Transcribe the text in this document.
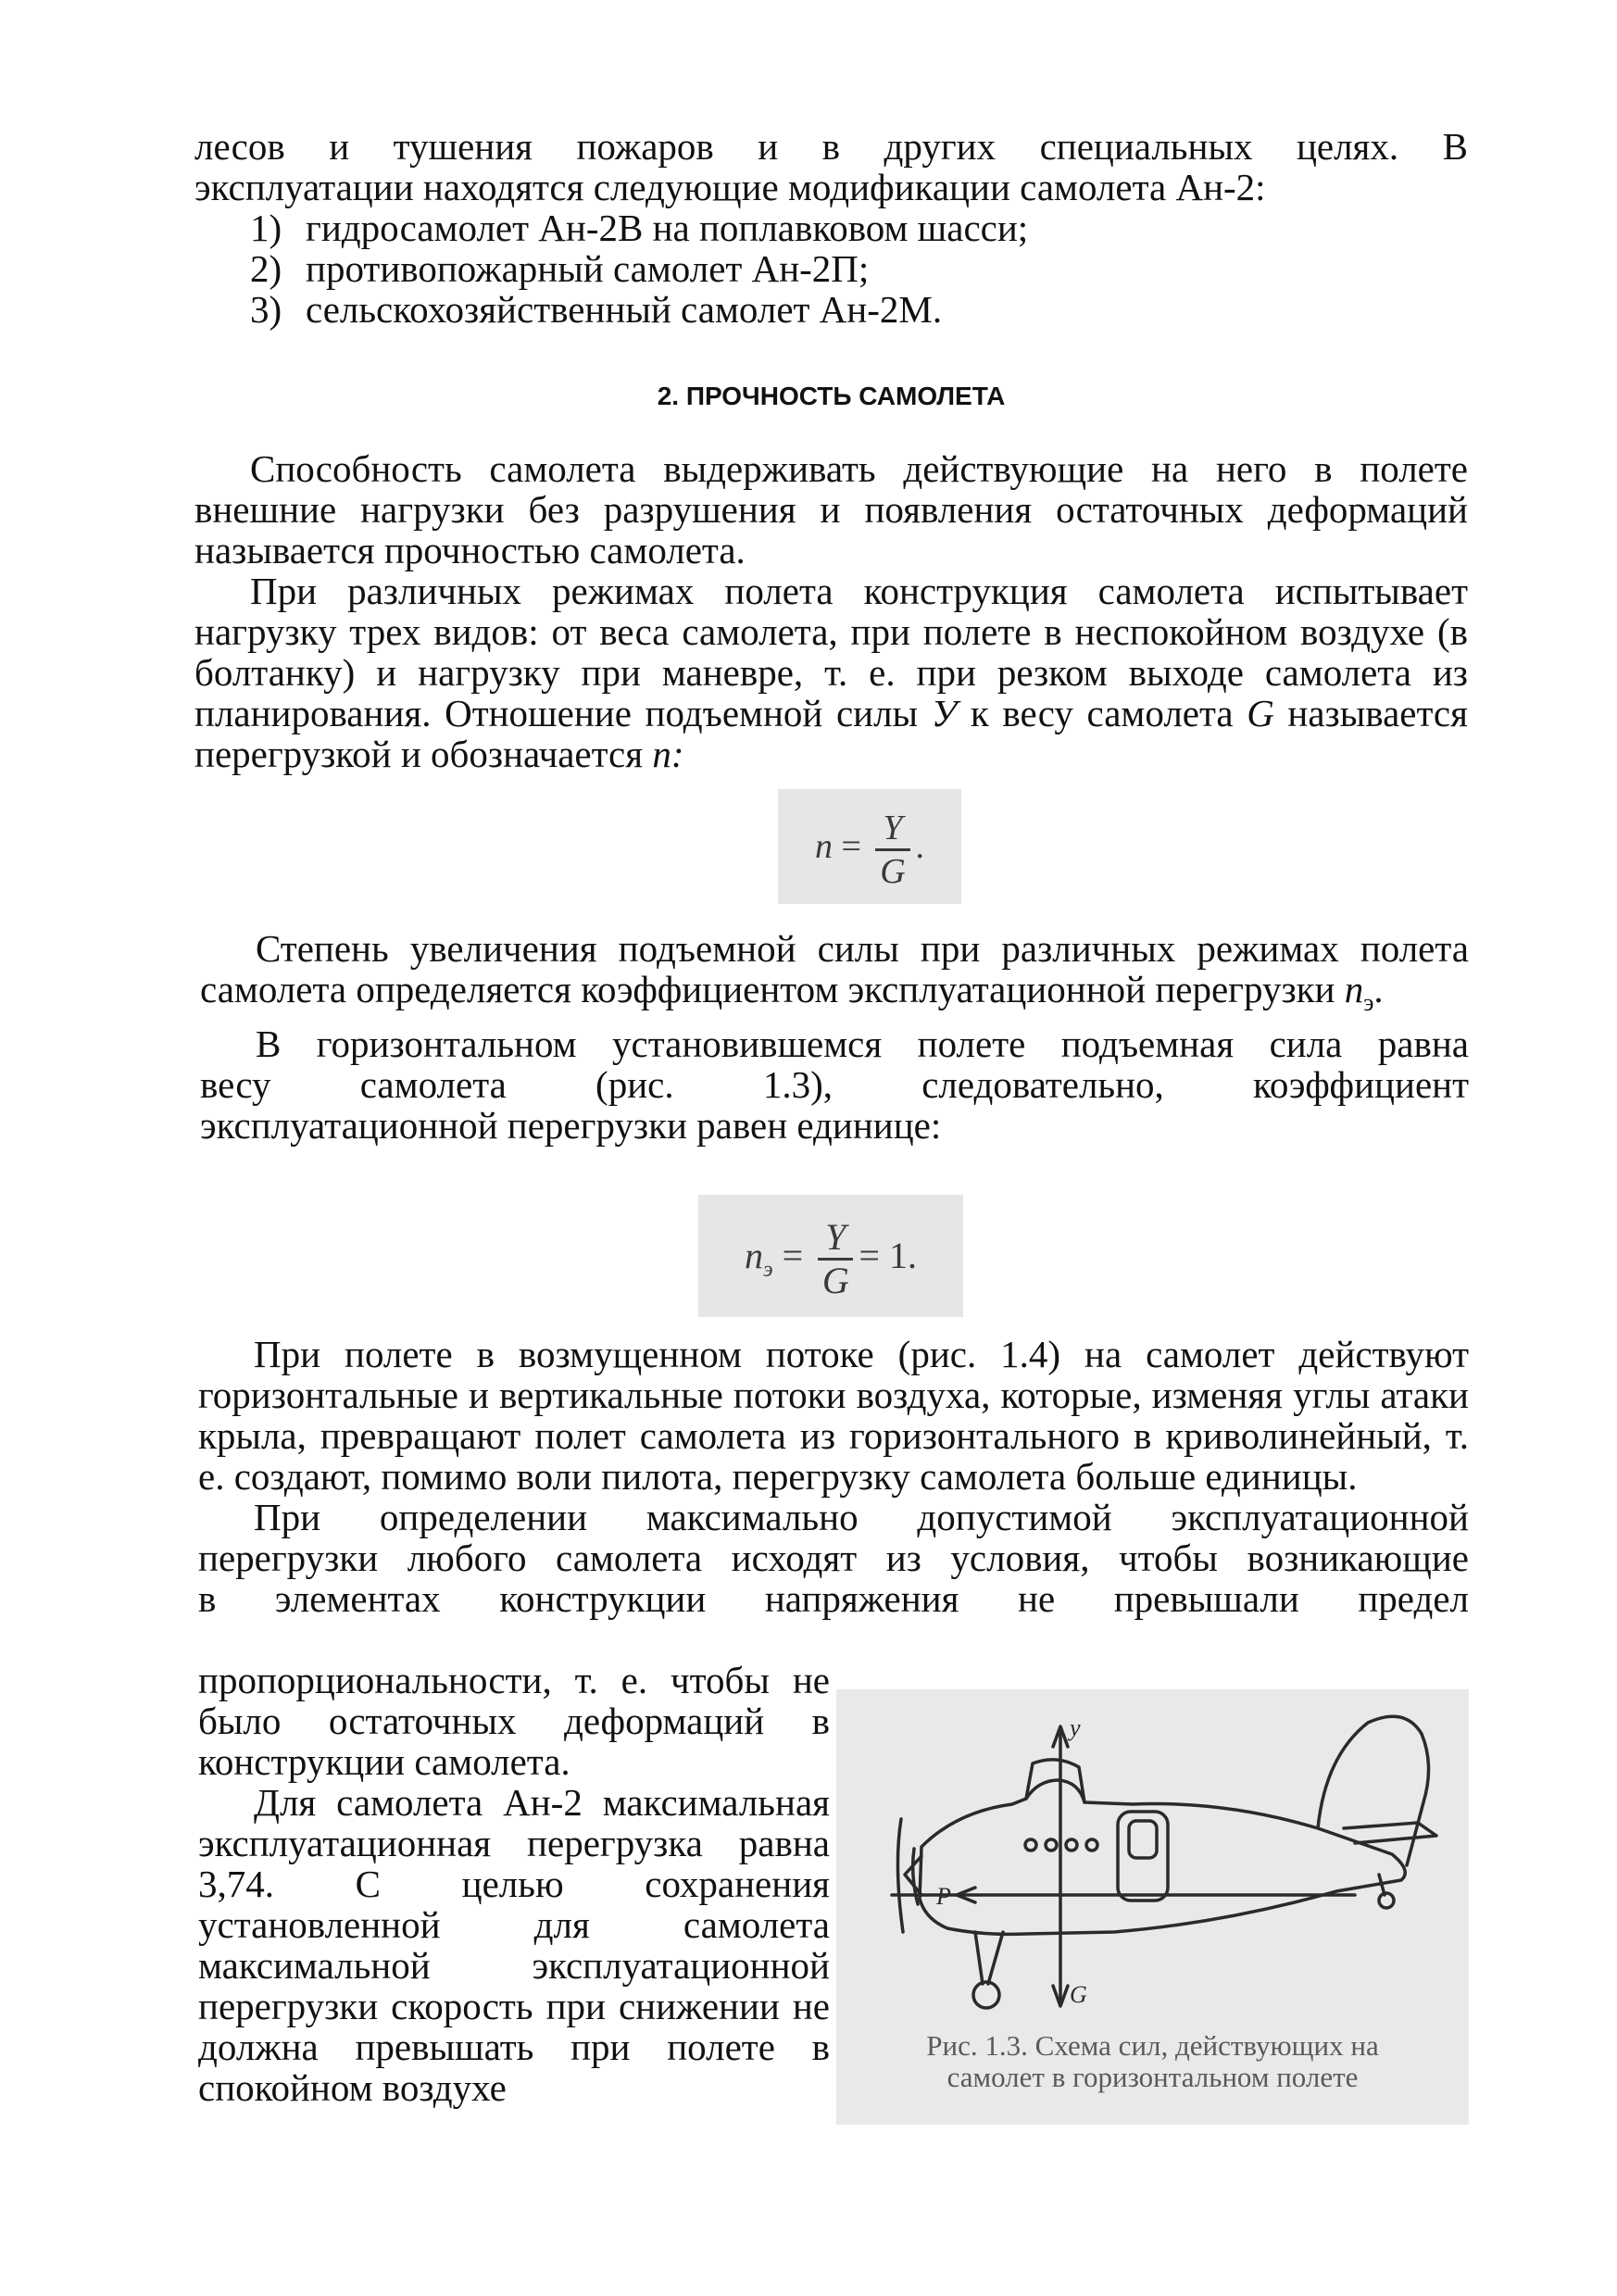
лесов и тушения пожаров и в других специальных целях. В

эксплуатации находятся следующие модификации самолета Ан-2:

1) гидросамолет Ан-2В на поплавковом шасси;

2) противопожарный самолет Ан-2П;

3) сельскохозяйственный самолет Ан-2М.

2. ПРОЧНОСТЬ САМОЛЕТА

Способность самолета выдерживать действующие на него в полете внешние нагрузки без разрушения и появления остаточных деформаций называется прочностью самолета.

При различных режимах полета конструкция самолета испытывает нагрузку трех видов: от веса самолета, при полете в неспокойном воздухе (в болтанку) и нагрузку при маневре, т. е. при резком выходе самолета из планирования. Отношение подъемной силы У к весу самолета G называется перегрузкой и обозначается n:

$n = \frac{Y}{G}$ .

Степень увеличения подъемной силы при различных режимах полета самолета определяется коэффициентом эксплуатационной перегрузки $n_э$.

В горизонтальном установившемся полете подъемная сила равна

весу самолета (рис. 1.3), следовательно, коэффициент

эксплуатационной перегрузки равен единице:

$n_э = \frac{Y}{G} = 1$.

При полете в возмущенном потоке (рис. 1.4) на самолет действуют горизонтальные и вертикальные потоки воздуха, которые, изменяя углы атаки крыла, превращают полет самолета из горизонтального в криволинейный, т. е. создают, помимо воли пилота, перегрузку самолета больше единицы.

При определении максимально допустимой эксплуатационной

перегрузки любого самолета исходят из условия, чтобы возникающие

в элементах конструкции напряжения не превышали предел

пропорциональности, т. е. чтобы не было остаточных деформаций в конструкции самолета.

Для самолета Ан-2 максимальная эксплуатационная перегрузка равна 3,74. С целью сохранения установленной для самолета максимальной эксплуатационной перегрузки скорость при снижении не должна превышать при полете в спокойном воздухе

y
P
G
Рис. 1.3. Схема сил, действующих на
самолет в горизонтальном полете
